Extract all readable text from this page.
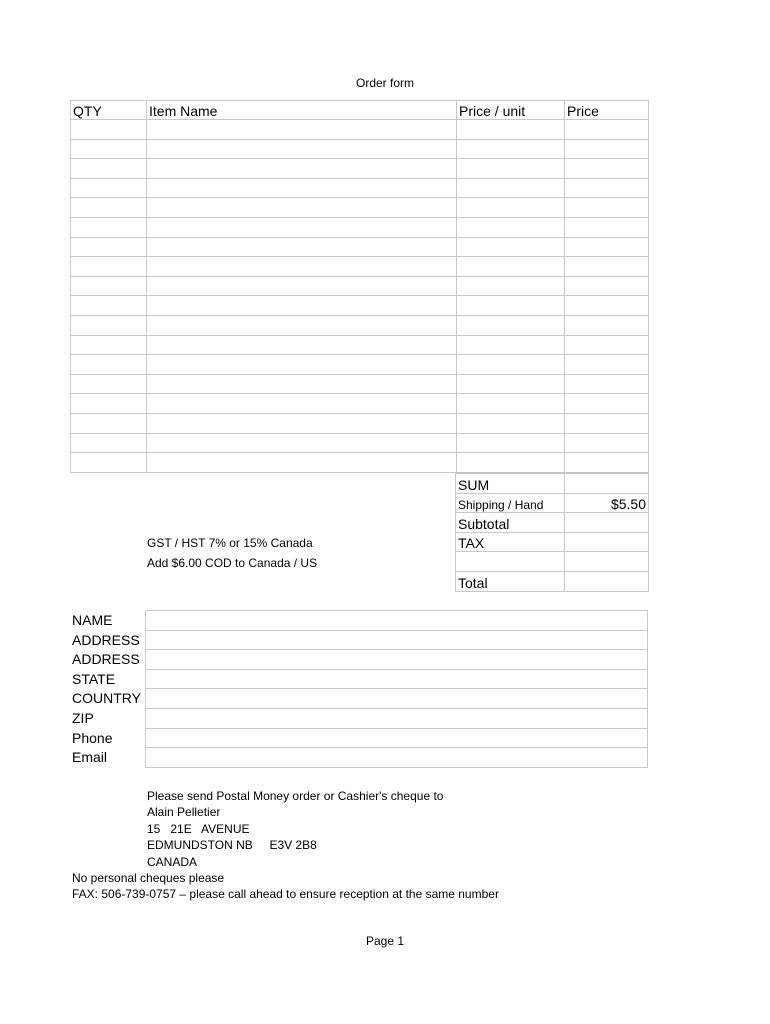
Order form
QTY	Item Name	Price / unit	Price

SUM	
Shipping / Hand	$5.50
Subtotal	
TAX	

Total	
GST / HST 7% or 15% Canada
Add $6.00 COD to Canada / US
NAME
ADDRESS
ADDRESS
STATE
COUNTRY
ZIP
Phone
Email

Please send Postal Money order or Cashier's cheque to
Alain Pelletier
15   21E   AVENUE
EDMUNDSTON NB     E3V 2B8
CANADA
No personal cheques please
FAX: 506-739-0757 – please call ahead to ensure reception at the same number
Page 1
